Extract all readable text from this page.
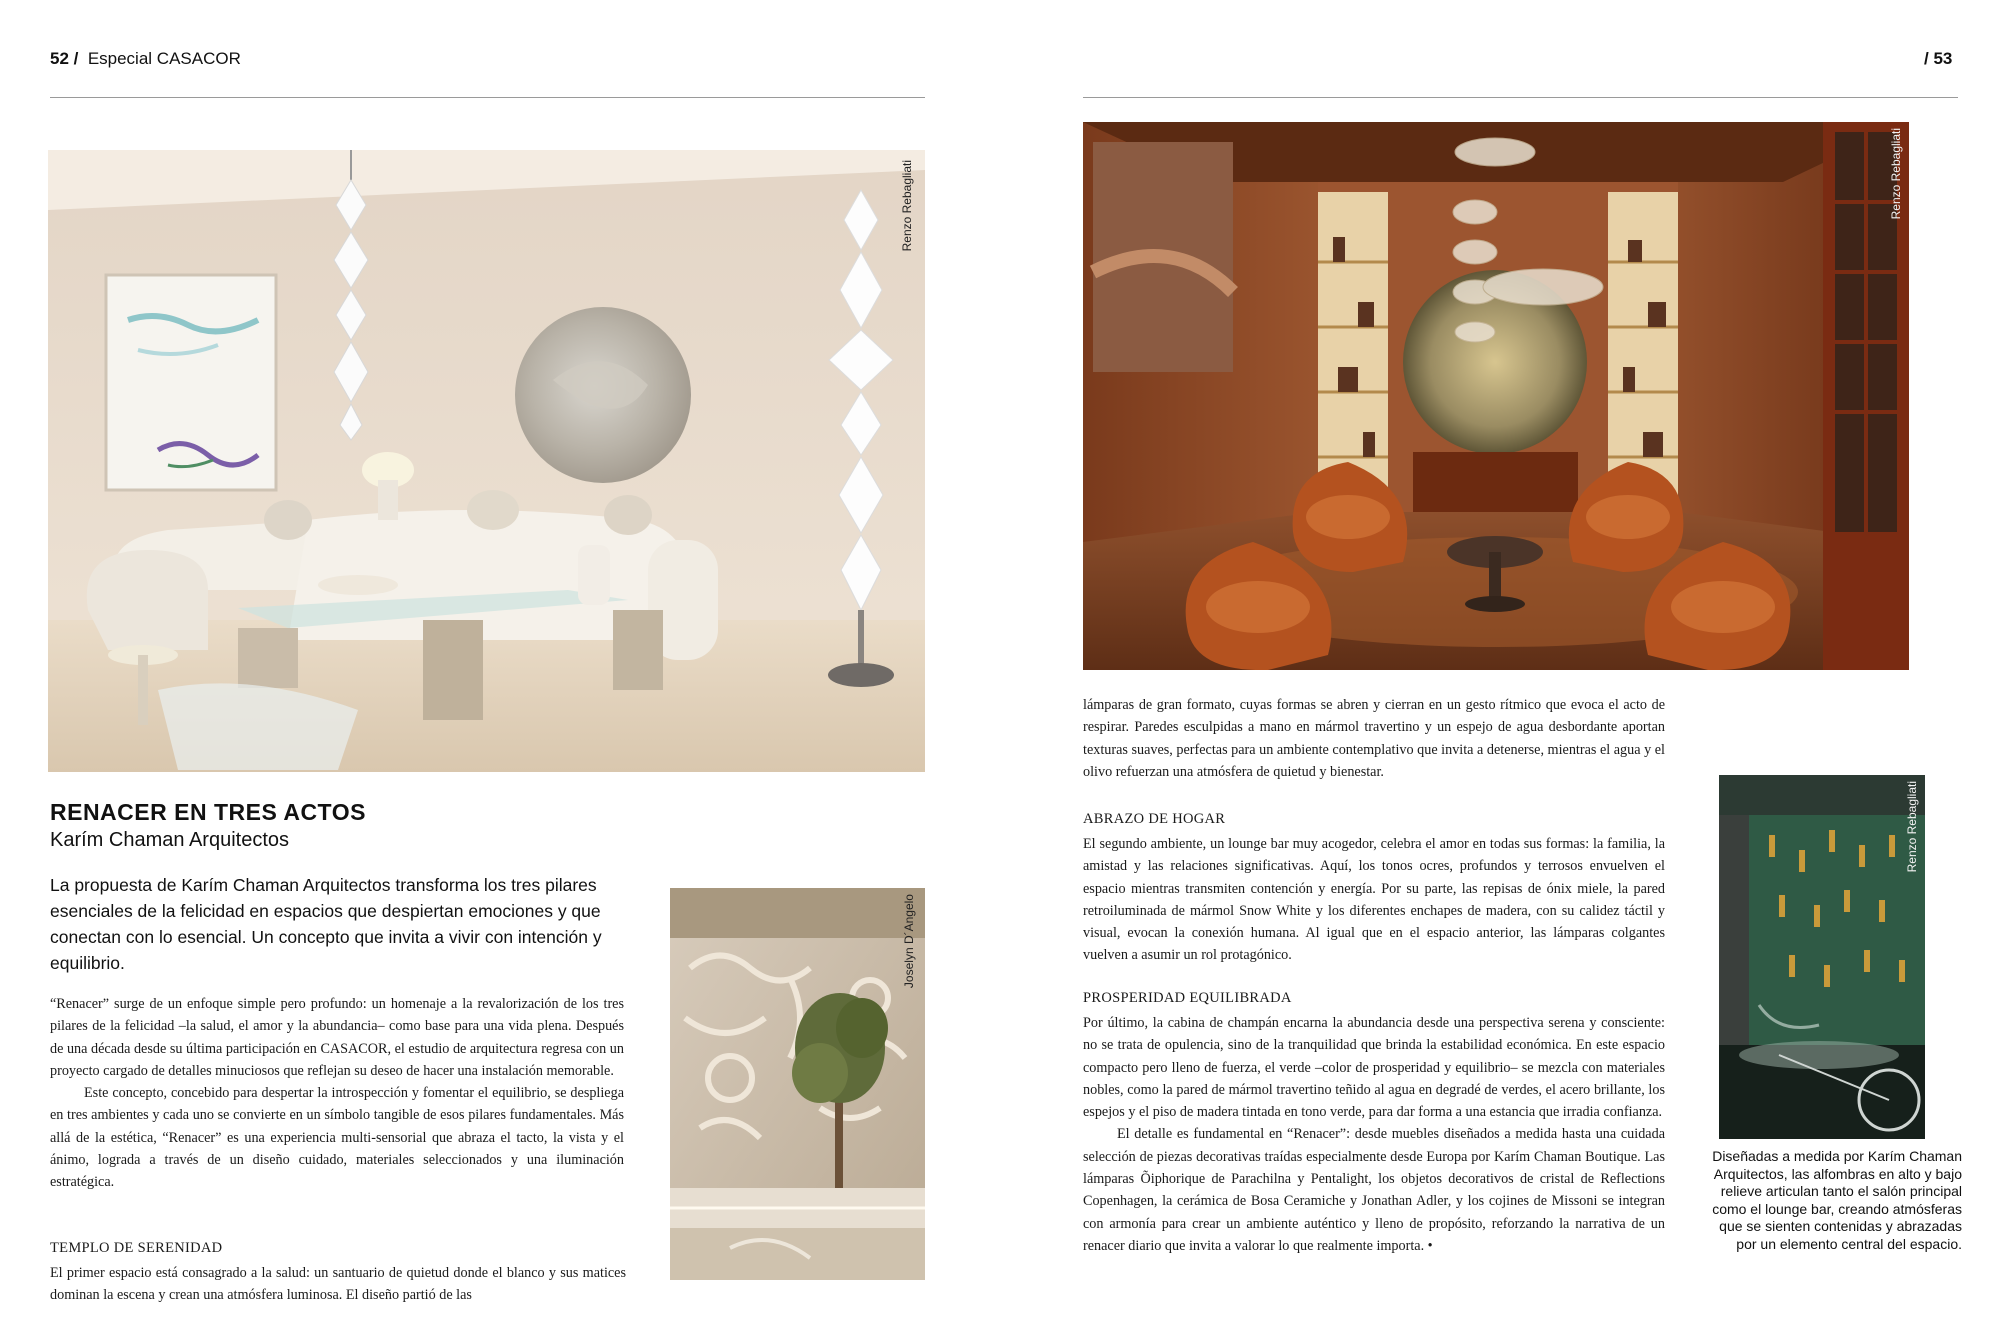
52 / Especial CASACOR	/ 53
Renzo Rebagliati	Renzo Rebagliati
RENACER EN TRES ACTOS
Karím Chaman Arquitectos
La propuesta de Karím Chaman Arquitectos transforma los tres pilares esenciales de la felicidad en espacios que despiertan emociones y que conectan con lo esencial. Un concepto que invita a vivir con intención y equilibrio.

“Renacer” surge de un enfoque simple pero profundo: un homenaje a la revalorización de los tres pilares de la felicidad –la salud, el amor y la abundancia– como base para una vida plena. Después de una década desde su última participación en CASACOR, el estudio de arquitectura regresa con un proyecto cargado de detalles minuciosos que reflejan su deseo de hacer una instalación memorable.

Este concepto, concebido para despertar la introspección y fomentar el equilibrio, se despliega en tres ambientes y cada uno se convierte en un símbolo tangible de esos pilares fundamentales. Más allá de la estética, “Renacer” es una experiencia multi-sensorial que abraza el tacto, la vista y el ánimo, lograda a través de un diseño cuidado, materiales seleccionados y una iluminación estratégica.

TEMPLO DE SERENIDAD
El primer espacio está consagrado a la salud: un santuario de quietud donde el blanco y sus matices dominan la escena y crean una atmósfera luminosa. El diseño partió de las
Joselyn D´Angelo
lámparas de gran formato, cuyas formas se abren y cierran en un gesto rítmico que evoca el acto de respirar. Paredes esculpidas a mano en mármol travertino y un espejo de agua desbordante aportan texturas suaves, perfectas para un ambiente contemplativo que invita a detenerse, mientras el agua y el olivo refuerzan una atmósfera de quietud y bienestar.
ABRAZO DE HOGAR
El segundo ambiente, un lounge bar muy acogedor, celebra el amor en todas sus formas: la familia, la amistad y las relaciones significativas. Aquí, los tonos ocres, profundos y terrosos envuelven el espacio mientras transmiten contención y energía. Por su parte, las repisas de ónix miele, la pared retroiluminada de mármol Snow White y los diferentes enchapes de madera, con su calidez táctil y visual, evocan la conexión humana. Al igual que en el espacio anterior, las lámparas colgantes vuelven a asumir un rol protagónico.
PROSPERIDAD EQUILIBRADA

Por último, la cabina de champán encarna la abundancia desde una perspectiva serena y consciente: no se trata de opulencia, sino de la tranquilidad que brinda la estabilidad económica. En este espacio compacto pero lleno de fuerza, el verde –color de prosperidad y equilibrio– se mezcla con materiales nobles, como la pared de mármol travertino teñido al agua en degradé de verdes, el acero brillante, los espejos y el piso de madera tintada en tono verde, para dar forma a una estancia que irradia confianza.

El detalle es fundamental en “Renacer”: desde muebles diseñados a medida hasta una cuidada selección de piezas decorativas traídas especialmente desde Europa por Karím Chaman Boutique. Las lámparas Õiphorique de Parachilna y Pentalight, los objetos decorativos de cristal de Reflections Copenhagen, la cerámica de Bosa Ceramiche y Jonathan Adler, y los cojines de Missoni se integran con armonía para crear un ambiente auténtico y lleno de propósito, reforzando la narrativa de un renacer diario que invita a valorar lo que realmente importa. •

Renzo Rebagliati
Diseñadas a medida por Karím Chaman Arquitectos, las alfombras en alto y bajo relieve articulan tanto el salón principal como el lounge bar, creando atmósferas que se sienten contenidas y abrazadas por un elemento central del espacio.
